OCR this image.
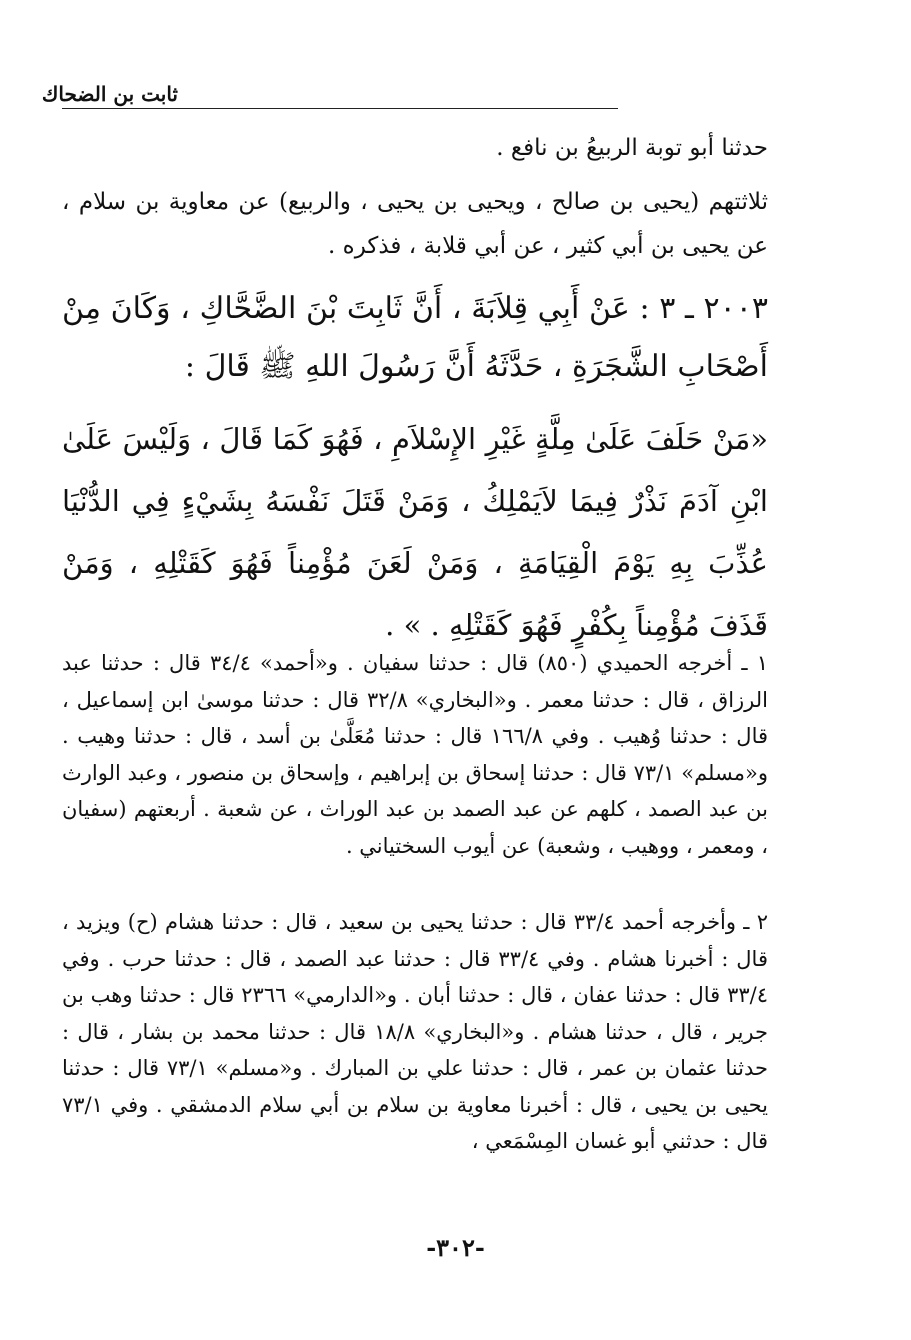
ثابت بن الضحاك
حدثنا أبو توبة الربيعُ بن نافع .
ثلاثتهم (يحيى بن صالح ، ويحيى بن يحيى ، والربيع) عن معاوية بن سلام ، عن يحيى بن أبي كثير ، عن أبي قلابة ، فذكره .
٢٠٠٣ ـ ٣ : عَنْ أَبِي قِلاَبَةَ ، أَنَّ ثَابِتَ بْنَ الضَّحَّاكِ ، وَكَانَ مِنْ أَصْحَابِ الشَّجَرَةِ ، حَدَّثَهُ أَنَّ رَسُولَ اللهِ ﷺ قَالَ :
«مَنْ حَلَفَ عَلَىٰ مِلَّةٍ غَيْرِ الإِسْلاَمِ ، فَهُوَ كَمَا قَالَ ، وَلَيْسَ عَلَىٰ ابْنِ آدَمَ نَذْرٌ فِيمَا لاَيَمْلِكُ ، وَمَنْ قَتَلَ نَفْسَهُ بِشَيْءٍ فِي الدُّنْيَا عُذِّبَ بِهِ يَوْمَ الْقِيَامَةِ ، وَمَنْ لَعَنَ مُؤْمِناً فَهُوَ كَقَتْلِهِ ، وَمَنْ قَذَفَ مُؤْمِناً بِكُفْرٍ فَهُوَ كَقَتْلِهِ . » .
١ ـ أخرجه الحميدي (٨٥٠) قال : حدثنا سفيان . و«أحمد» ٣٤/٤ قال : حدثنا عبد الرزاق ، قال : حدثنا معمر . و«البخاري» ٣٢/٨ قال : حدثنا موسىٰ ابن إسماعيل ، قال : حدثنا وُهيب . وفي ١٦٦/٨ قال : حدثنا مُعَلَّىٰ بن أسد ، قال : حدثنا وهيب . و«مسلم» ٧٣/١ قال : حدثنا إسحاق بن إبراهيم ، وإسحاق بن منصور ، وعبد الوارث بن عبد الصمد ، كلهم عن عبد الصمد بن عبد الوراث ، عن شعبة . أربعتهم (سفيان ، ومعمر ، ووهيب ، وشعبة) عن أيوب السختياني .
٢ ـ وأخرجه أحمد ٣٣/٤ قال : حدثنا يحيى بن سعيد ، قال : حدثنا هشام (ح) ويزيد ، قال : أخبرنا هشام . وفي ٣٣/٤ قال : حدثنا عبد الصمد ، قال : حدثنا حرب . وفي ٣٣/٤ قال : حدثنا عفان ، قال : حدثنا أبان . و«الدارمي» ٢٣٦٦ قال : حدثنا وهب بن جرير ، قال ، حدثنا هشام . و«البخاري» ١٨/٨ قال : حدثنا محمد بن بشار ، قال : حدثنا عثمان بن عمر ، قال : حدثنا علي بن المبارك . و«مسلم» ٧٣/١ قال : حدثنا يحيى بن يحيى ، قال : أخبرنا معاوية بن سلام بن أبي سلام الدمشقي . وفي ٧٣/١ قال : حدثني أبو غسان المِسْمَعي ،
-٣٠٢-
